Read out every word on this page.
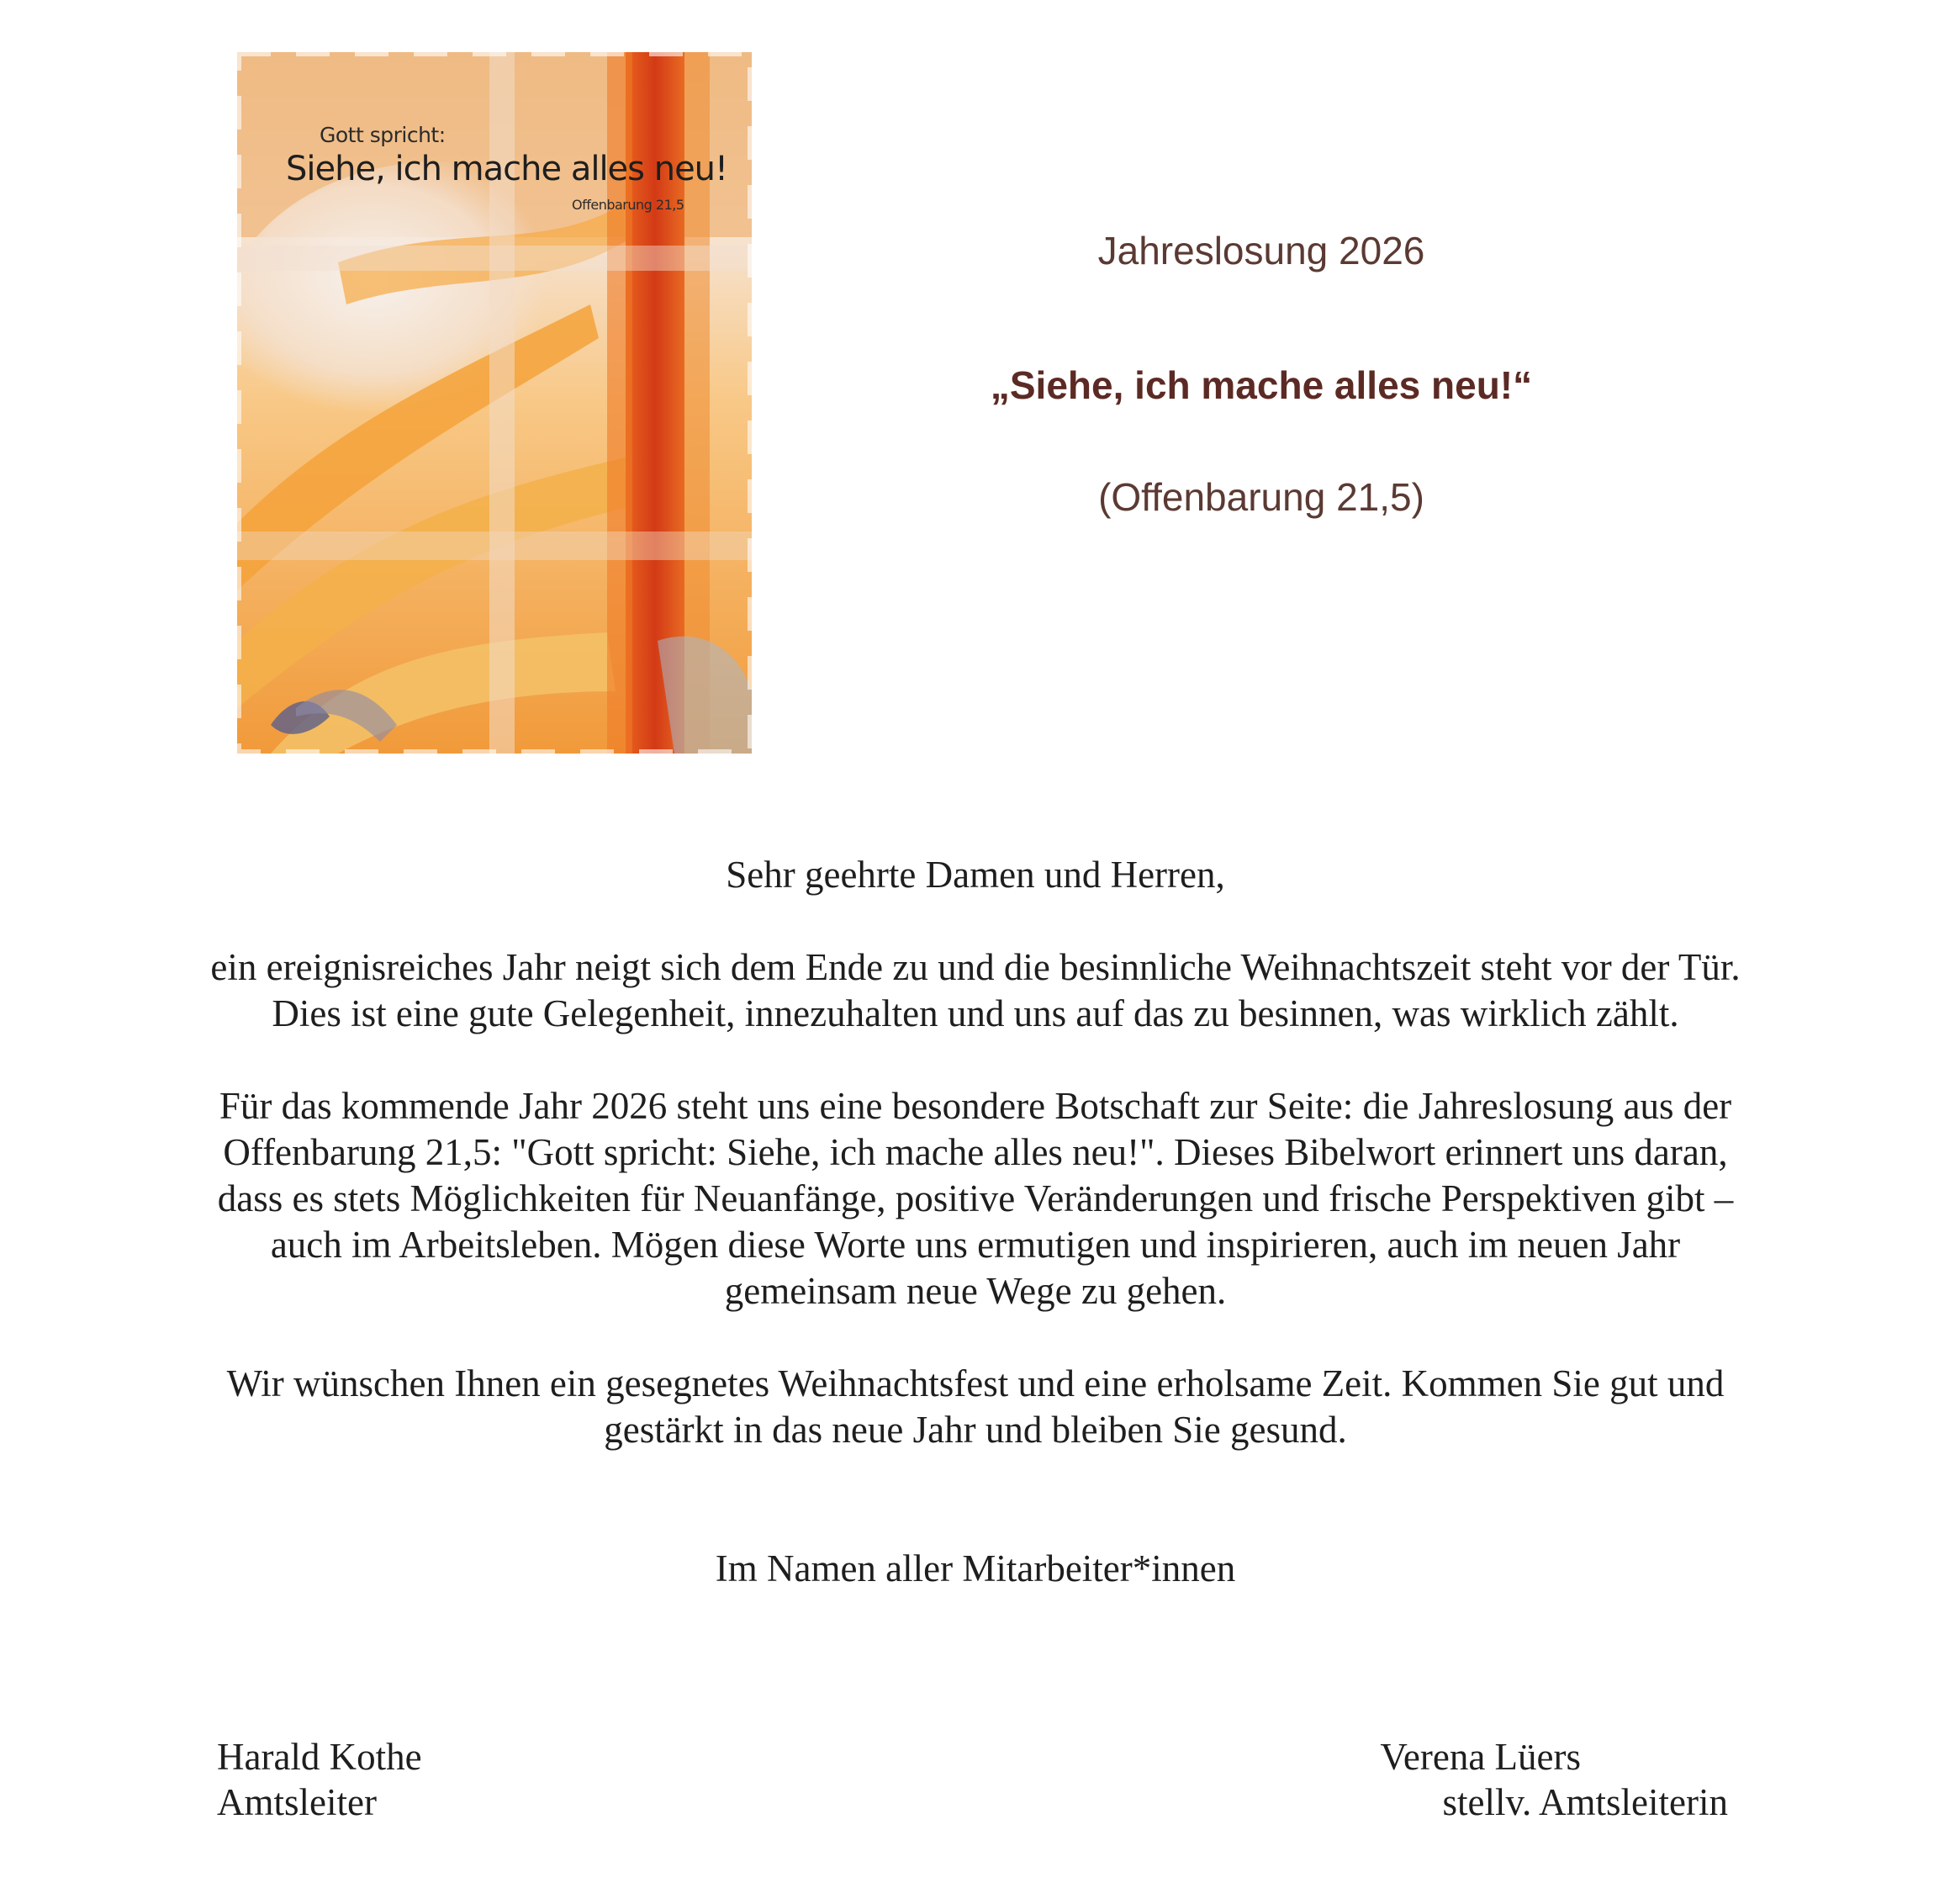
Gott spricht:
Siehe, ich mache alles neu!
Offenbarung 21,5
Jahreslosung 2026
„Siehe, ich mache alles neu!“
(Offenbarung 21,5)

Sehr geehrte Damen und Herren,

ein ereignisreiches Jahr neigt sich dem Ende zu und die besinnliche Weihnachtszeit steht vor der Tür. Dies ist eine gute Gelegenheit, innezuhalten und uns auf das zu besinnen, was wirklich zählt.

Für das kommende Jahr 2026 steht uns eine besondere Botschaft zur Seite: die Jahreslosung aus der Offenbarung 21,5: "Gott spricht: Siehe, ich mache alles neu!". Dieses Bibelwort erinnert uns daran, dass es stets Möglichkeiten für Neuanfänge, positive Veränderungen und frische Perspektiven gibt – auch im Arbeitsleben. Mögen diese Worte uns ermutigen und inspirieren, auch im neuen Jahr gemeinsam neue Wege zu gehen.

Wir wünschen Ihnen ein gesegnetes Weihnachtsfest und eine erholsame Zeit. Kommen Sie gut und gestärkt in das neue Jahr und bleiben Sie gesund.

Im Namen aller Mitarbeiter*innen

Harald Kothe
Amtsleiter
Verena Lüers
stellv. Amtsleiterin
